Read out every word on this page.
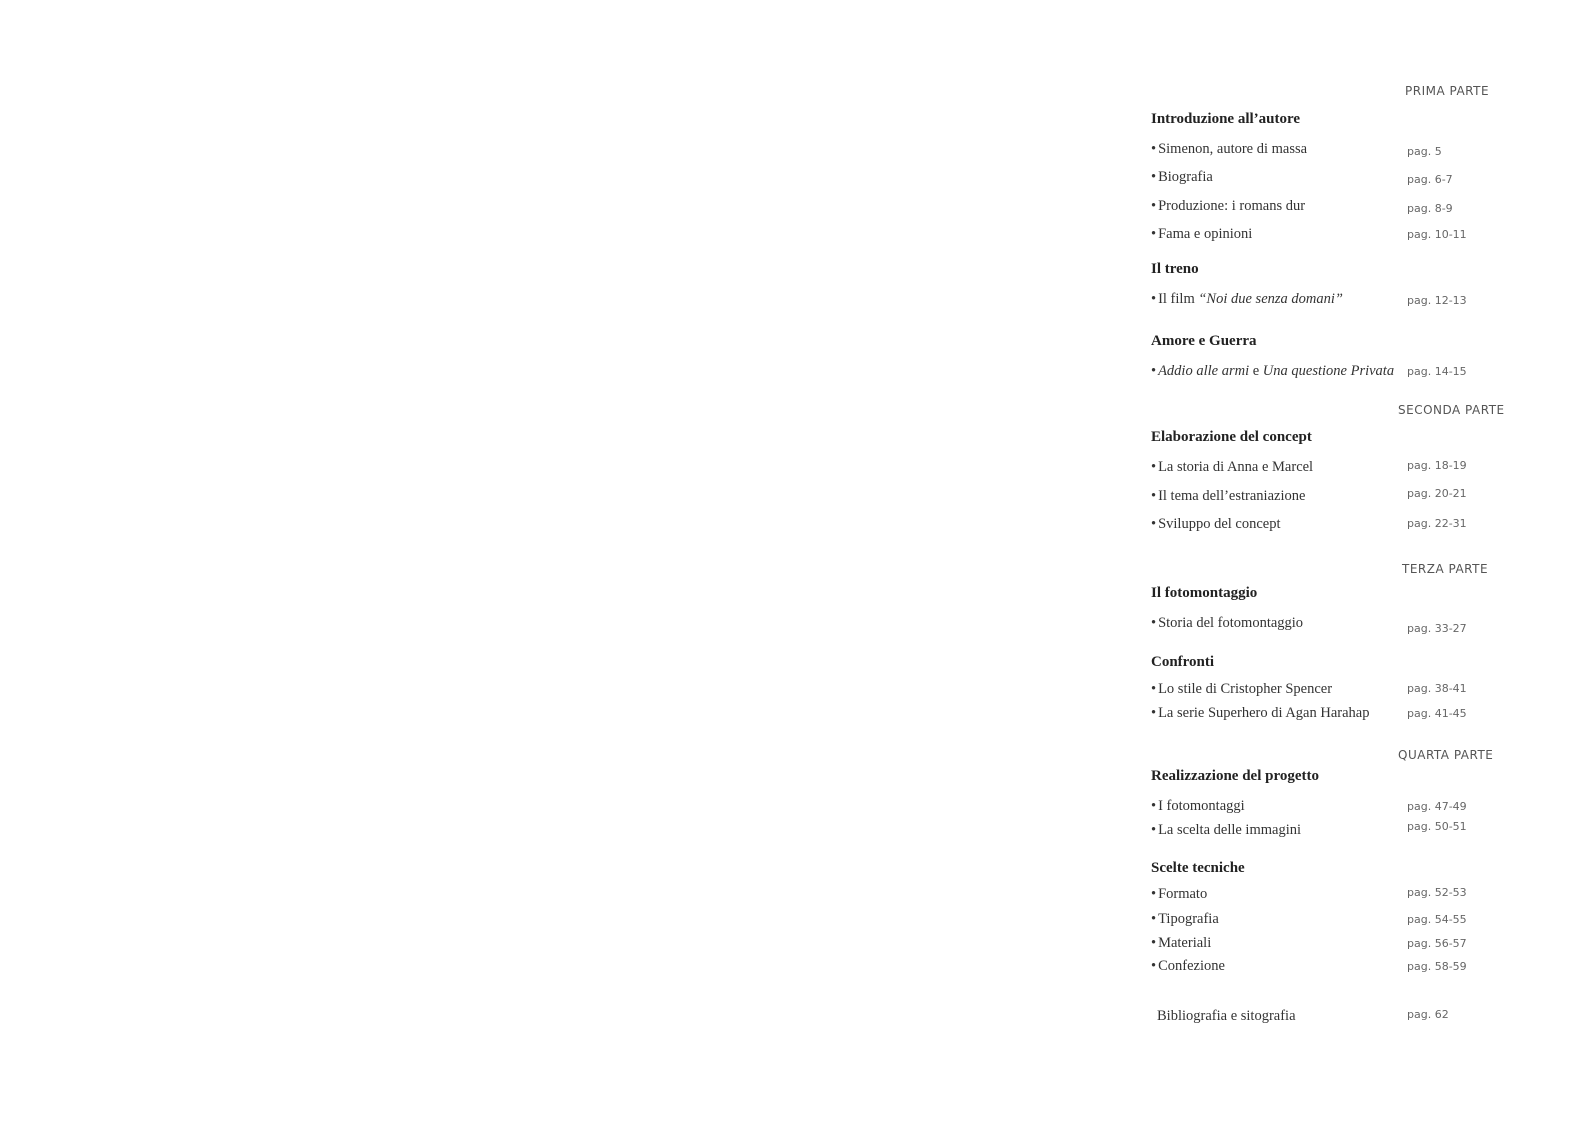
PRIMA PARTE
Introduzione all’autore
• Simenon, autore di massa	pag. 5
• Biografia	pag. 6-7
• Produzione: i romans dur	pag. 8-9
• Fama e opinioni	pag. 10-11
Il treno
• Il film “Noi due senza domani”	pag. 12-13
Amore e Guerra
• Addio alle armi e Una questione Privata pag. 14-15
SECONDA PARTE
Elaborazione del concept
• La storia di Anna e Marcel	pag. 18-19
• Il tema dell’estraniazione	pag. 20-21
• Sviluppo del concept	pag. 22-31
TERZA PARTE
Il fotomontaggio
• Storia del fotomontaggio	pag. 33-27
Confronti
• Lo stile di Cristopher Spencer	pag. 38-41
• La serie Superhero di Agan Harahap	pag. 41-45
QUARTA PARTE
Realizzazione del progetto
• I fotomontaggi	pag. 47-49
• La scelta delle immagini	pag. 50-51
Scelte tecniche
• Formato	pag. 52-53
• Tipografia	pag. 54-55
• Materiali	pag. 56-57
• Confezione	pag. 58-59
Bibliografia e sitografia	pag. 62
